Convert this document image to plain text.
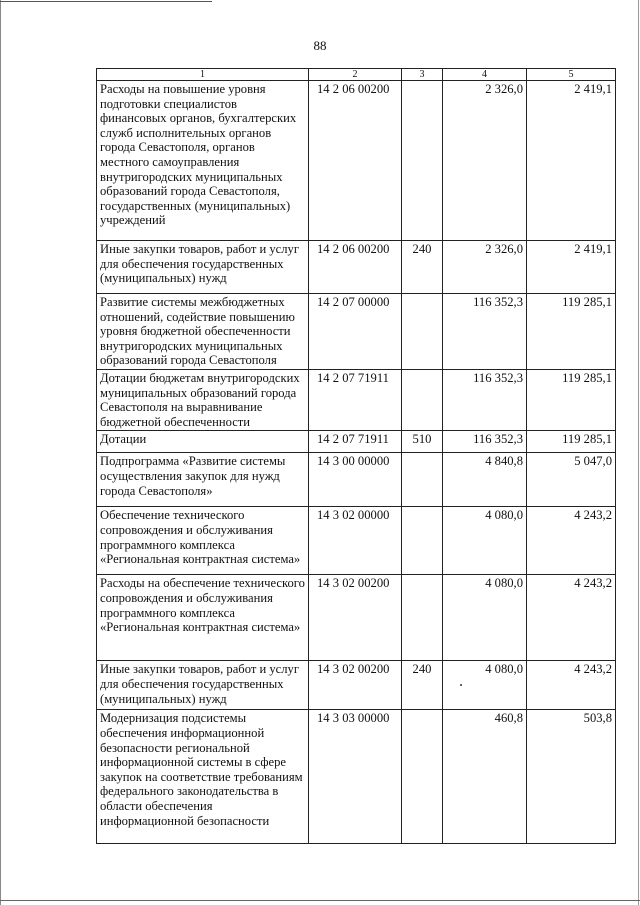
88
1	2	3	4	5
Расходы на повышение уровня подготовки специалистов финансовых органов, бухгалтерских служб исполнительных органов города Севастополя, органов местного самоуправления внутригородских муниципальных образований города Севастополя, государственных (муниципальных) учреждений	14 2 06 00200		2 326,0	2 419,1
Иные закупки товаров, работ и услуг для обеспечения государственных (муниципальных) нужд	14 2 06 00200	240	2 326,0	2 419,1
Развитие системы межбюджетных отношений, содействие повышению уровня бюджетной обеспеченности внутригородских муниципальных образований города Севастополя	14 2 07 00000		116 352,3	119 285,1
Дотации бюджетам внутригородских муниципальных образований города Севастополя на выравнивание бюджетной обеспеченности	14 2 07 71911		116 352,3	119 285,1
Дотации	14 2 07 71911	510	116 352,3	119 285,1
Подпрограмма «Развитие системы осуществления закупок для нужд города Севастополя»	14 3 00 00000		4 840,8	5 047,0
Обеспечение технического сопровождения и обслуживания программного комплекса «Региональная контрактная система»	14 3 02 00000		4 080,0	4 243,2
Расходы на обеспечение технического сопровождения и обслуживания программного комплекса «Региональная контрактная система»	14 3 02 00200		4 080,0	4 243,2
Иные закупки товаров, работ и услуг для обеспечения государственных (муниципальных) нужд	14 3 02 00200	240	4 080,0	4 243,2
Модернизация подсистемы обеспечения информационной безопасности региональной информационной системы в сфере закупок на соответствие требованиям федерального законодательства в области обеспечения информационной безопасности	14 3 03 00000		460,8	503,8
